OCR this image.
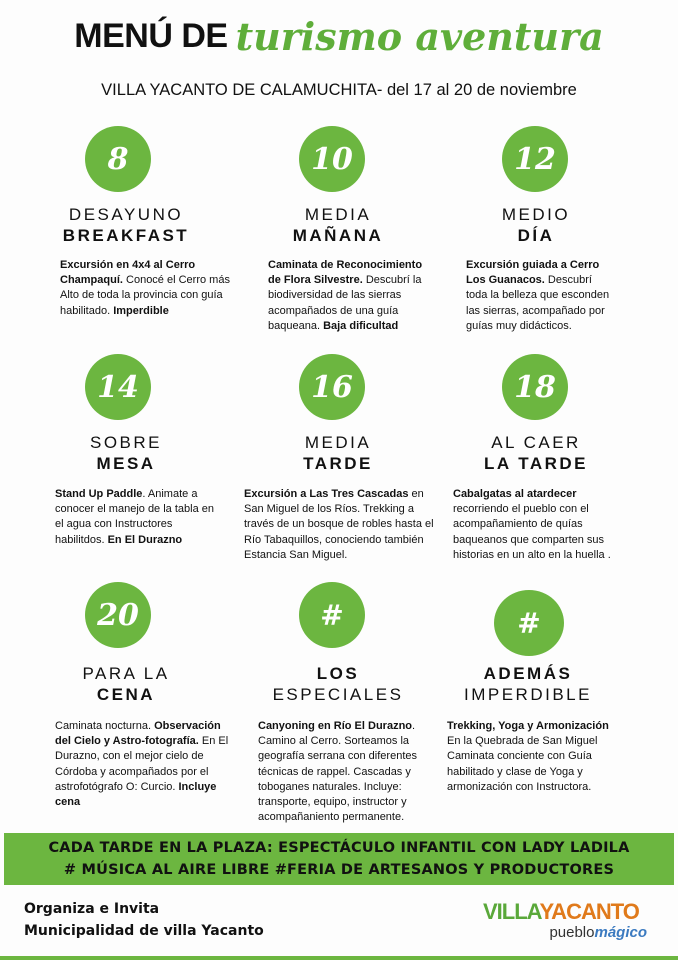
MENÚ DE turismo aventura
VILLA YACANTO DE CALAMUCHITA- del 17 al 20 de noviembre
8
DESAYUNO
BREAKFAST
Excursión en 4x4 al Cerro Champaquí. Conocé el Cerro más Alto de toda la provincia con guía habilitado. Imperdible
10
MEDIA
MAÑANA
Caminata de Reconocimiento de Flora Silvestre. Descubrí la biodiversidad de las sierras acompañados de una guía baqueana. Baja dificultad
12
MEDIO
DÍA
Excursión guiada a Cerro Los Guanacos. Descubrí toda la belleza que esconden las sierras, acompañado por guías muy didácticos.
14
SOBRE
MESA
Stand Up Paddle. Animate a conocer el manejo de la tabla en el agua con Instructores habilitdos. En El Durazno
16
MEDIA
TARDE
Excursión a Las Tres Cascadas en San Miguel de los Ríos. Trekking a través de un bosque de robles hasta el Río Tabaquillos, conociendo también Estancia San Miguel.
18
AL CAER
LA TARDE
Cabalgatas al atardecer recorriendo el pueblo con el acompañamiento de quías baqueanos que comparten sus historias en un alto en la huella .
20
PARA LA
CENA
Caminata nocturna. Observación del Cielo y Astro-fotografía. En El Durazno, con el mejor cielo de Córdoba y acompañados por el astrofotógrafo O: Curcio. Incluye cena
#
LOS
ESPECIALES
Canyoning en Río El Durazno. Camino al Cerro. Sorteamos la geografía serrana con diferentes técnicas de rappel. Cascadas y toboganes naturales. Incluye: transporte, equipo, instructor y acompañaniento permanente.
#
ADEMÁS
IMPERDIBLE
Trekking, Yoga y Armonización En la Quebrada de San Miguel Caminata conciente con Guía habilitado y clase de Yoga y armonización con Instructora.
CADA TARDE EN LA PLAZA: ESPECTÁCULO INFANTIL CON LADY LADILA
# MÚSICA AL AIRE LIBRE #FERIA DE ARTESANOS Y PRODUCTORES
Organiza e Invita
Municipalidad de villa Yacanto
VILLAYACANTO
pueblomágico
